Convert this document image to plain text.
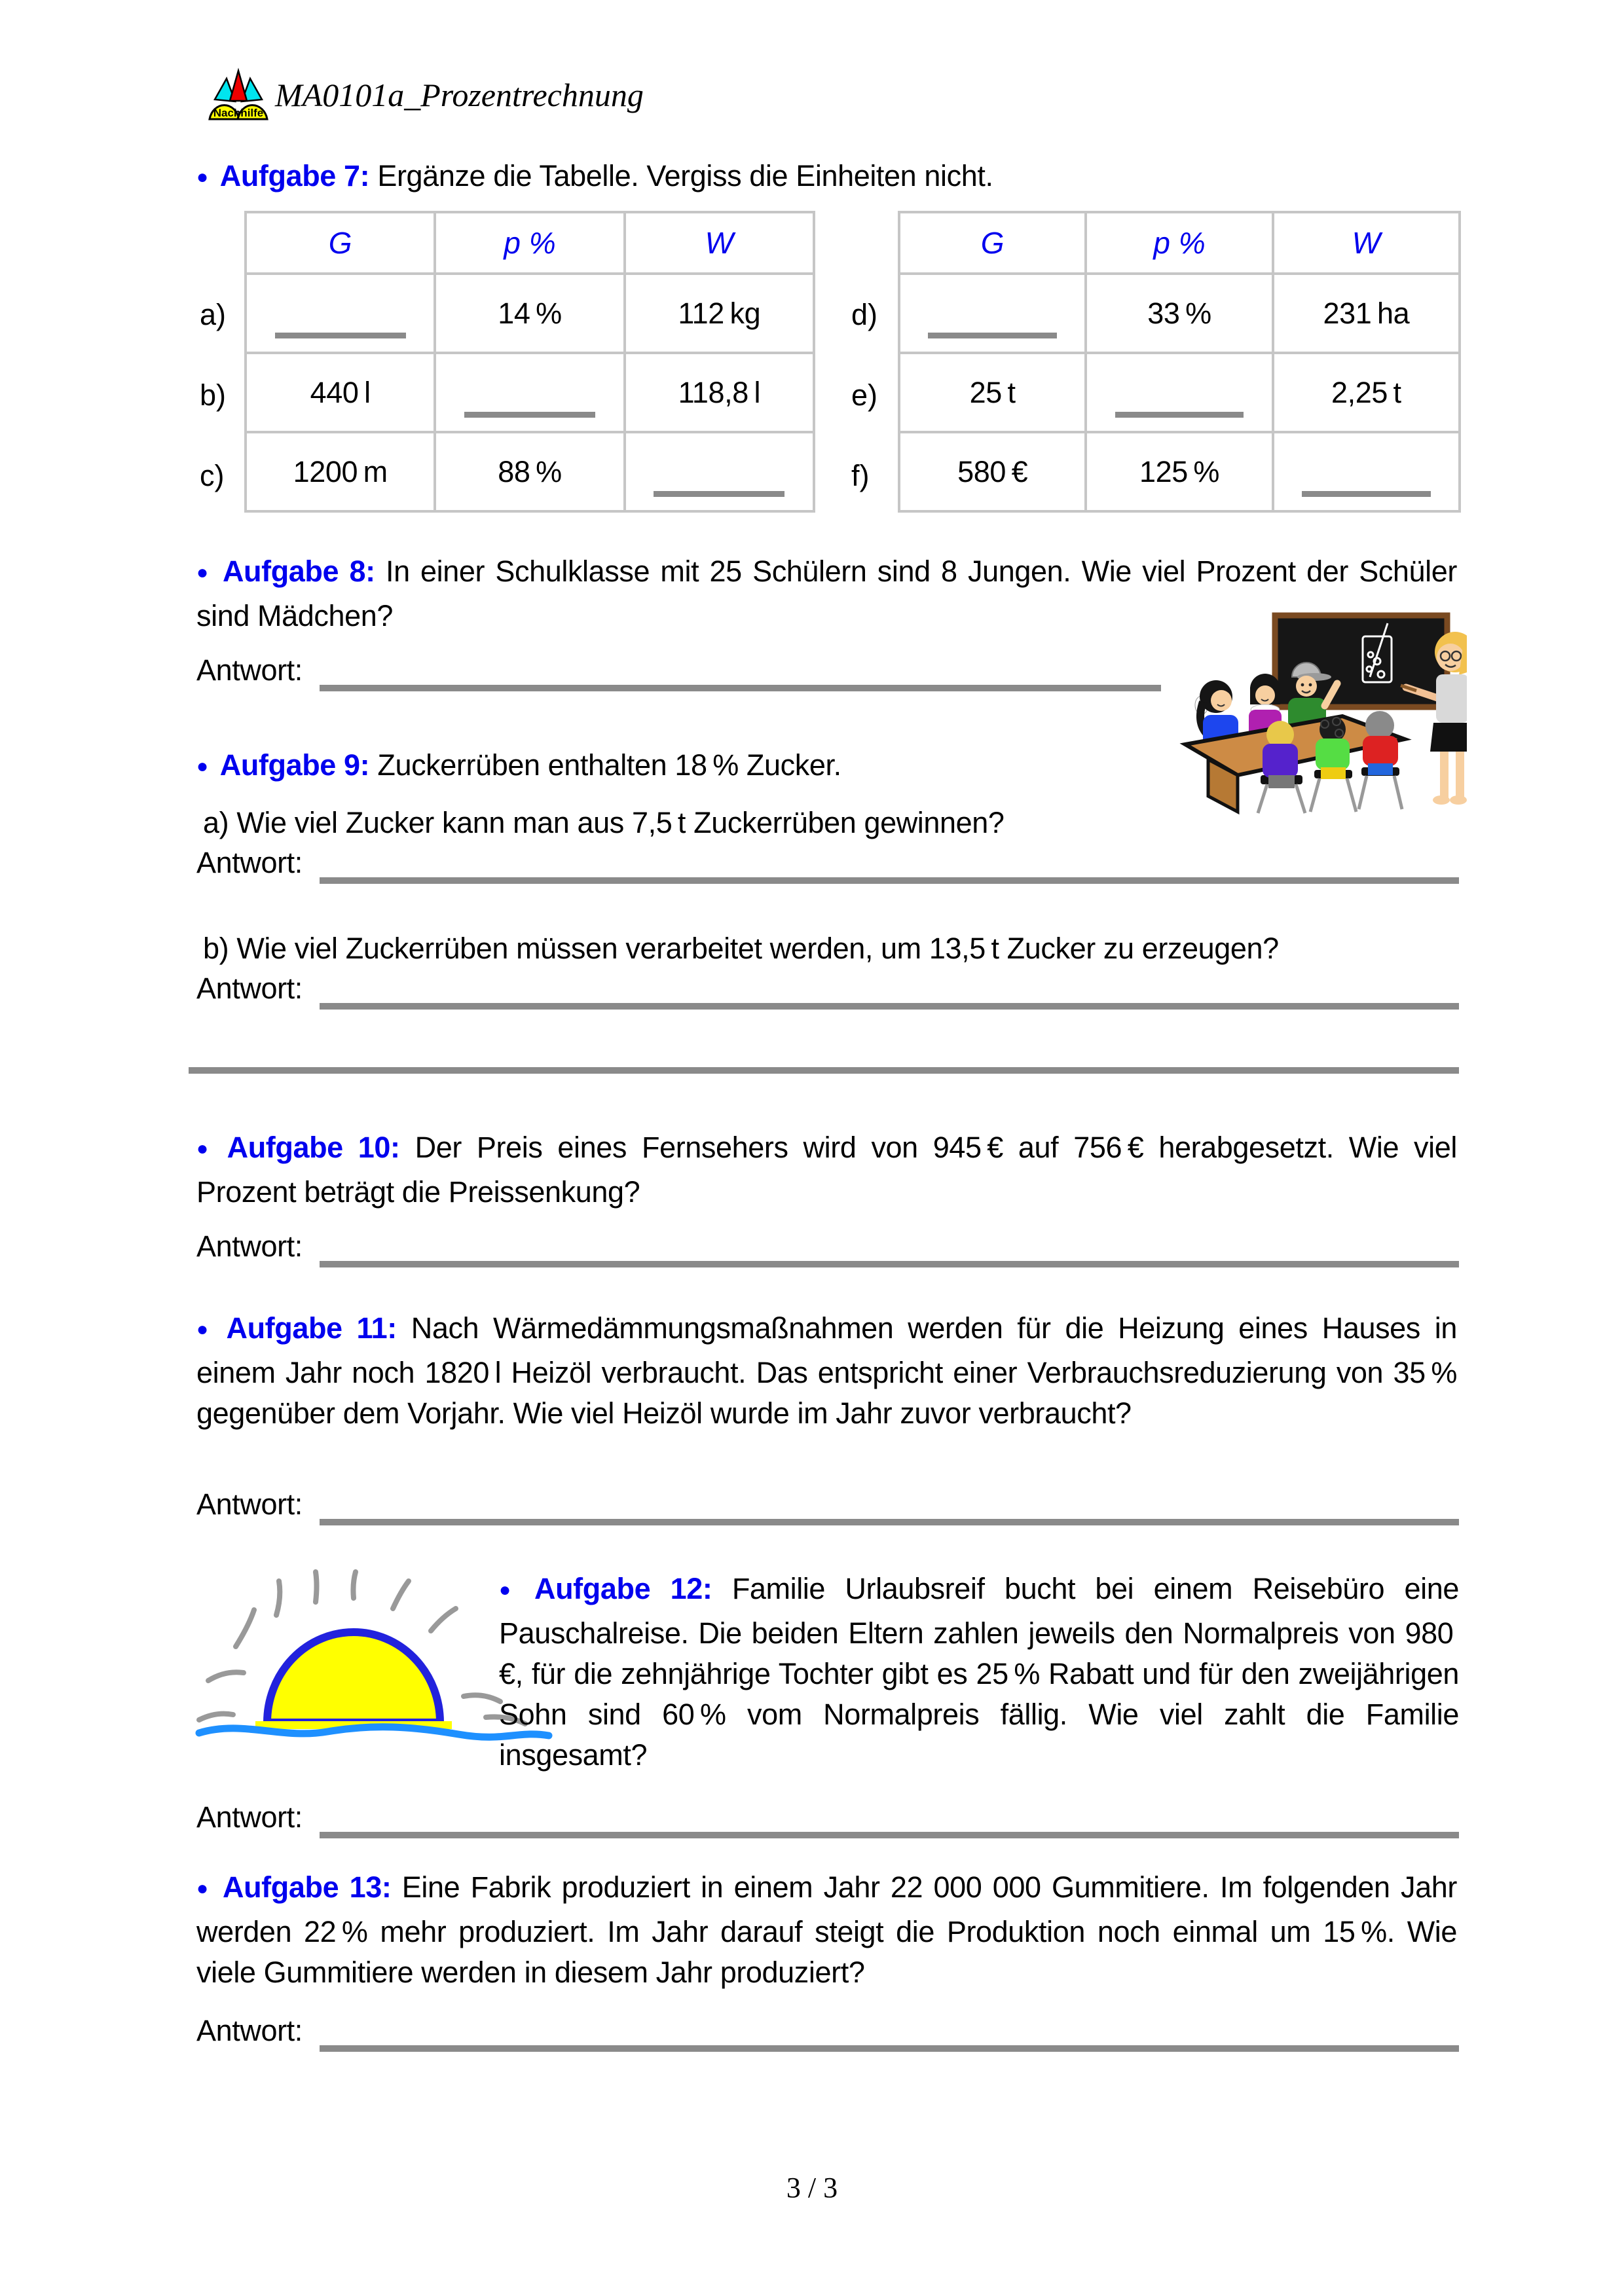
Nachhilfe MA0101a_Prozentrechnung
● Aufgabe 7: Ergänze die Tabelle. Vergiss die Einheiten nicht.
a)
b)
c)
G	p %	W

	14 %	112 kg
440 l		118,8 l
1200 m	88 %	
d)
e)
f)
G	p %	W

	33 %	231 ha
25 t		2,25 t
580 €	125 %	
● Aufgabe 8: In einer Schulklasse mit 25 Schülern sind 8 Jungen. Wie viel Prozent der Schüler sind Mädchen?
Antwort:
● Aufgabe 9: Zuckerrüben enthalten 18 % Zucker.
a) Wie viel Zucker kann man aus 7,5 t Zuckerrüben gewinnen?
Antwort:
b) Wie viel Zuckerrüben müssen verarbeitet werden, um 13,5 t Zucker zu erzeugen?
Antwort:
● Aufgabe 10: Der Preis eines Fernsehers wird von 945 € auf 756 € herabgesetzt. Wie viel Prozent beträgt die Preissenkung?
Antwort:
● Aufgabe 11: Nach Wärmedämmungsmaßnahmen werden für die Heizung eines Hauses in einem Jahr noch 1820 l Heizöl verbraucht. Das entspricht einer Verbrauchsreduzierung von 35 % gegenüber dem Vorjahr. Wie viel Heizöl wurde im Jahr zuvor verbraucht?
Antwort:
● Aufgabe 12: Familie Urlaubsreif bucht bei einem Reisebüro eine Pauschalreise. Die beiden Eltern zahlen jeweils den Normalpreis von 980 €, für die zehnjährige Tochter gibt es 25 % Rabatt und für den zweijährigen Sohn sind 60 % vom Normalpreis fällig. Wie viel zahlt die Familie insgesamt?
Antwort:
● Aufgabe 13: Eine Fabrik produziert in einem Jahr 22 000 000 Gummitiere. Im folgenden Jahr werden 22 % mehr produziert. Im Jahr darauf steigt die Produktion noch einmal um 15 %. Wie viele Gummitiere werden in diesem Jahr produziert?
Antwort:
3 / 3
